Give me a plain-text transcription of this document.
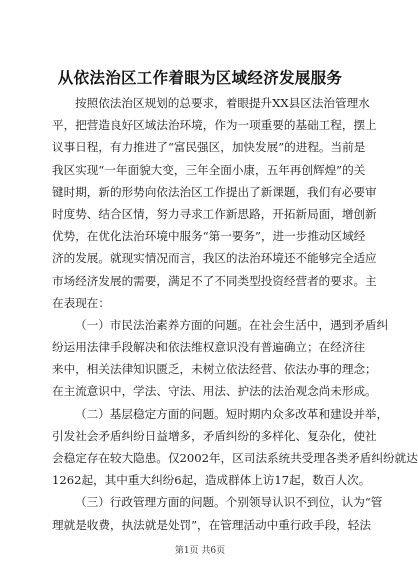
从依法治区工作着眼为区域经济发展服务
按照依法治区规划的总要求，着眼提升XX县区法治管理水
平，把营造良好区域法治环境，作为一项重要的基础工程，摆上
议事日程，有力推进了“富民强区，加快发展”的进程。当前是
我区实现“一年面貌大变，三年全面小康，五年再创辉煌”的关
键时期，新的形势向依法治区工作提出了新课题，我们有必要审
时度势、结合区情，努力寻求工作新思路，开拓新局面，增创新
优势，在优化法治环境中服务“第一要务”，进一步推动区域经
济的发展。就现实情况而言，我区的法治环境还不能够完全适应
市场经济发展的需要，满足不了不同类型投资经营者的要求。主
在表现在：
（一）市民法治素养方面的问题。在社会生活中，遇到矛盾纠
纷运用法律手段解决和依法维权意识没有普遍确立；在经济往
来中，相关法律知识匮乏，未树立依法经营、依法办事的理念；
在主流意识中，学法、守法、用法、护法的法治观念尚未形成。
（二）基层稳定方面的问题。短时期内众多改革和建设并举，
引发社会矛盾纠纷日益增多，矛盾纠纷的多样化、复杂化，使社
会稳定存在较大隐患。仅2002年，区司法系统共受理各类矛盾纠纷就达
1262起，其中重大纠纷6起，造成群体上访17起，数百人次。
（三）行政管理方面的问题。个别领导认识不到位，认为“管
理就是收费，执法就是处罚”，在管理活动中重行政手段，轻法
第1页 共6页
